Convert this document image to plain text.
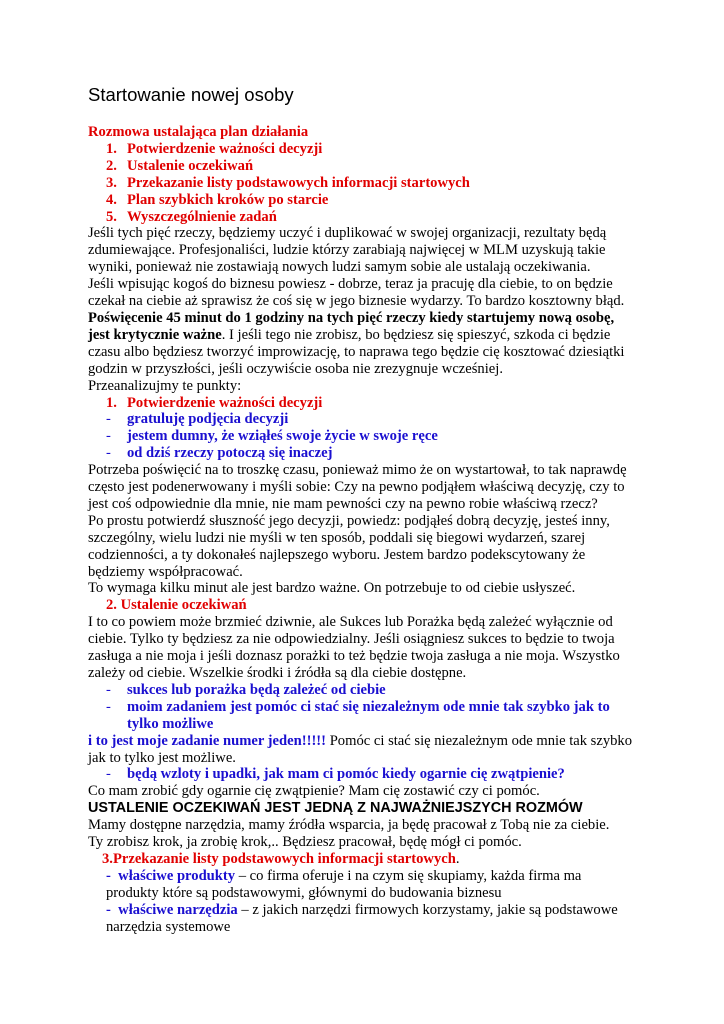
Startowanie nowej osoby
Rozmowa ustalająca plan działania
1. Potwierdzenie ważności decyzji
2. Ustalenie oczekiwań
3. Przekazanie listy podstawowych informacji startowych
4. Plan szybkich kroków po starcie
5. Wyszczególnienie zadań
Jeśli tych pięć rzeczy, będziemy uczyć i duplikować w swojej organizacji, rezultaty będą
zdumiewające. Profesjonaliści, ludzie którzy zarabiają najwięcej w MLM uzyskują takie
wyniki, ponieważ nie zostawiają nowych ludzi samym sobie ale ustalają oczekiwania.
Jeśli wpisując kogoś do biznesu powiesz - dobrze, teraz ja pracuję dla ciebie, to on będzie
czekał na ciebie aż sprawisz że coś się w jego biznesie wydarzy. To bardzo kosztowny błąd.
Poświęcenie 45 minut do 1 godziny na tych pięć rzeczy kiedy startujemy nową osobę,
jest krytycznie ważne. I jeśli tego nie zrobisz, bo będziesz się spieszyć, szkoda ci będzie
czasu albo będziesz tworzyć improwizację, to naprawa tego będzie cię kosztować dziesiątki
godzin w przyszłości, jeśli oczywiście osoba nie zrezygnuje wcześniej.
Przeanalizujmy te punkty:
1. Potwierdzenie ważności decyzji
- gratuluję podjęcia decyzji
- jestem dumny, że wziąłeś swoje życie w swoje ręce
- od dziś rzeczy potoczą się inaczej
Potrzeba poświęcić na to troszkę czasu, ponieważ mimo że on wystartował, to tak naprawdę
często jest podenerwowany i myśli sobie: Czy na pewno podjąłem właściwą decyzję, czy to
jest coś odpowiednie dla mnie, nie mam pewności czy na pewno robie właściwą rzecz?
Po prostu potwierdź słuszność jego decyzji, powiedz: podjąłeś dobrą decyzję, jesteś inny,
szczególny, wielu ludzi nie myśli w ten sposób, poddali się biegowi wydarzeń, szarej
codzienności, a ty dokonałeś najlepszego wyboru. Jestem bardzo podekscytowany że
będziemy współpracować.
To wymaga kilku minut ale jest bardzo ważne. On potrzebuje to od ciebie usłyszeć.
2. Ustalenie oczekiwań
I to co powiem może brzmieć dziwnie, ale Sukces lub Porażka będą zależeć wyłącznie od
ciebie. Tylko ty będziesz za nie odpowiedzialny. Jeśli osiągniesz sukces to będzie to twoja
zasługa a nie moja i jeśli doznasz porażki to też będzie twoja zasługa a nie moja. Wszystko
zależy od ciebie. Wszelkie środki i źródła są dla ciebie dostępne.
- sukces lub porażka będą zależeć od ciebie
- moim zadaniem jest pomóc ci stać się niezależnym ode mnie tak szybko jak to
tylko możliwe
i to jest moje zadanie numer jeden!!!!! Pomóc ci stać się niezależnym ode mnie tak szybko
jak to tylko jest możliwe.
- będą wzloty i upadki, jak mam ci pomóc kiedy ogarnie cię zwątpienie?
Co mam zrobić gdy ogarnie cię zwątpienie? Mam cię zostawić czy ci pomóc.
USTALENIE OCZEKIWAŃ JEST JEDNĄ Z NAJWAŻNIEJSZYCH ROZMÓW
Mamy dostępne narzędzia, mamy źródła wsparcia, ja będę pracował z Tobą nie za ciebie.
Ty zrobisz krok, ja zrobię krok,.. Będziesz pracował, będę mógł ci pomóc.
3.Przekazanie listy podstawowych informacji startowych.
- właściwe produkty – co firma oferuje i na czym się skupiamy, każda firma ma
produkty które są podstawowymi, głównymi do budowania biznesu
- właściwe narzędzia – z jakich narzędzi firmowych korzystamy, jakie są podstawowe
narzędzia systemowe
